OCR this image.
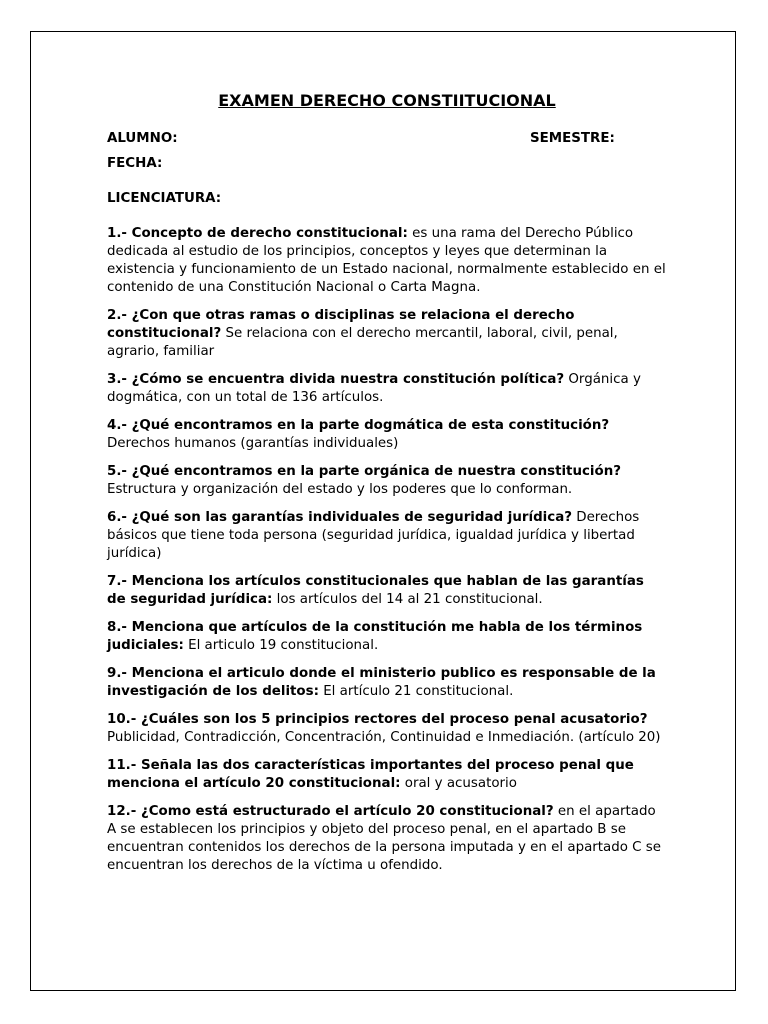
EXAMEN DERECHO CONSTIITUCIONAL
ALUMNO:	SEMESTRE:
FECHA:
LICENCIATURA:

1.- Concepto de derecho constitucional: es una rama del Derecho Público dedicada al estudio de los principios, conceptos y leyes que determinan la existencia y funcionamiento de un Estado nacional, normalmente establecido en el contenido de una Constitución Nacional o Carta Magna.

2.- ¿Con que otras ramas o disciplinas se relaciona el derecho constitucional? Se relaciona con el derecho mercantil, laboral, civil, penal, agrario, familiar

3.- ¿Cómo se encuentra divida nuestra constitución política? Orgánica y dogmática, con un total de 136 artículos.

4.- ¿Qué encontramos en la parte dogmática de esta constitución? Derechos humanos (garantías individuales)

5.- ¿Qué encontramos en la parte orgánica de nuestra constitución? Estructura y organización del estado y los poderes que lo conforman.

6.- ¿Qué son las garantías individuales de seguridad jurídica? Derechos básicos que tiene toda persona (seguridad jurídica, igualdad jurídica y libertad jurídica)

7.- Menciona los artículos constitucionales que hablan de las garantías de seguridad jurídica: los artículos del 14 al 21 constitucional.

8.- Menciona que artículos de la constitución me habla de los términos judiciales: El articulo 19 constitucional.

9.- Menciona el articulo donde el ministerio publico es responsable de la investigación de los delitos: El artículo 21 constitucional.

10.- ¿Cuáles son los 5 principios rectores del proceso penal acusatorio? Publicidad, Contradicción, Concentración, Continuidad e Inmediación. (artículo 20)

11.- Señala las dos características importantes del proceso penal que menciona el artículo 20 constitucional: oral y acusatorio

12.- ¿Como está estructurado el artículo 20 constitucional? en el apartado A se establecen los principios y objeto del proceso penal, en el apartado B se encuentran contenidos los derechos de la persona imputada y en el apartado C se encuentran los derechos de la víctima u ofendido.
